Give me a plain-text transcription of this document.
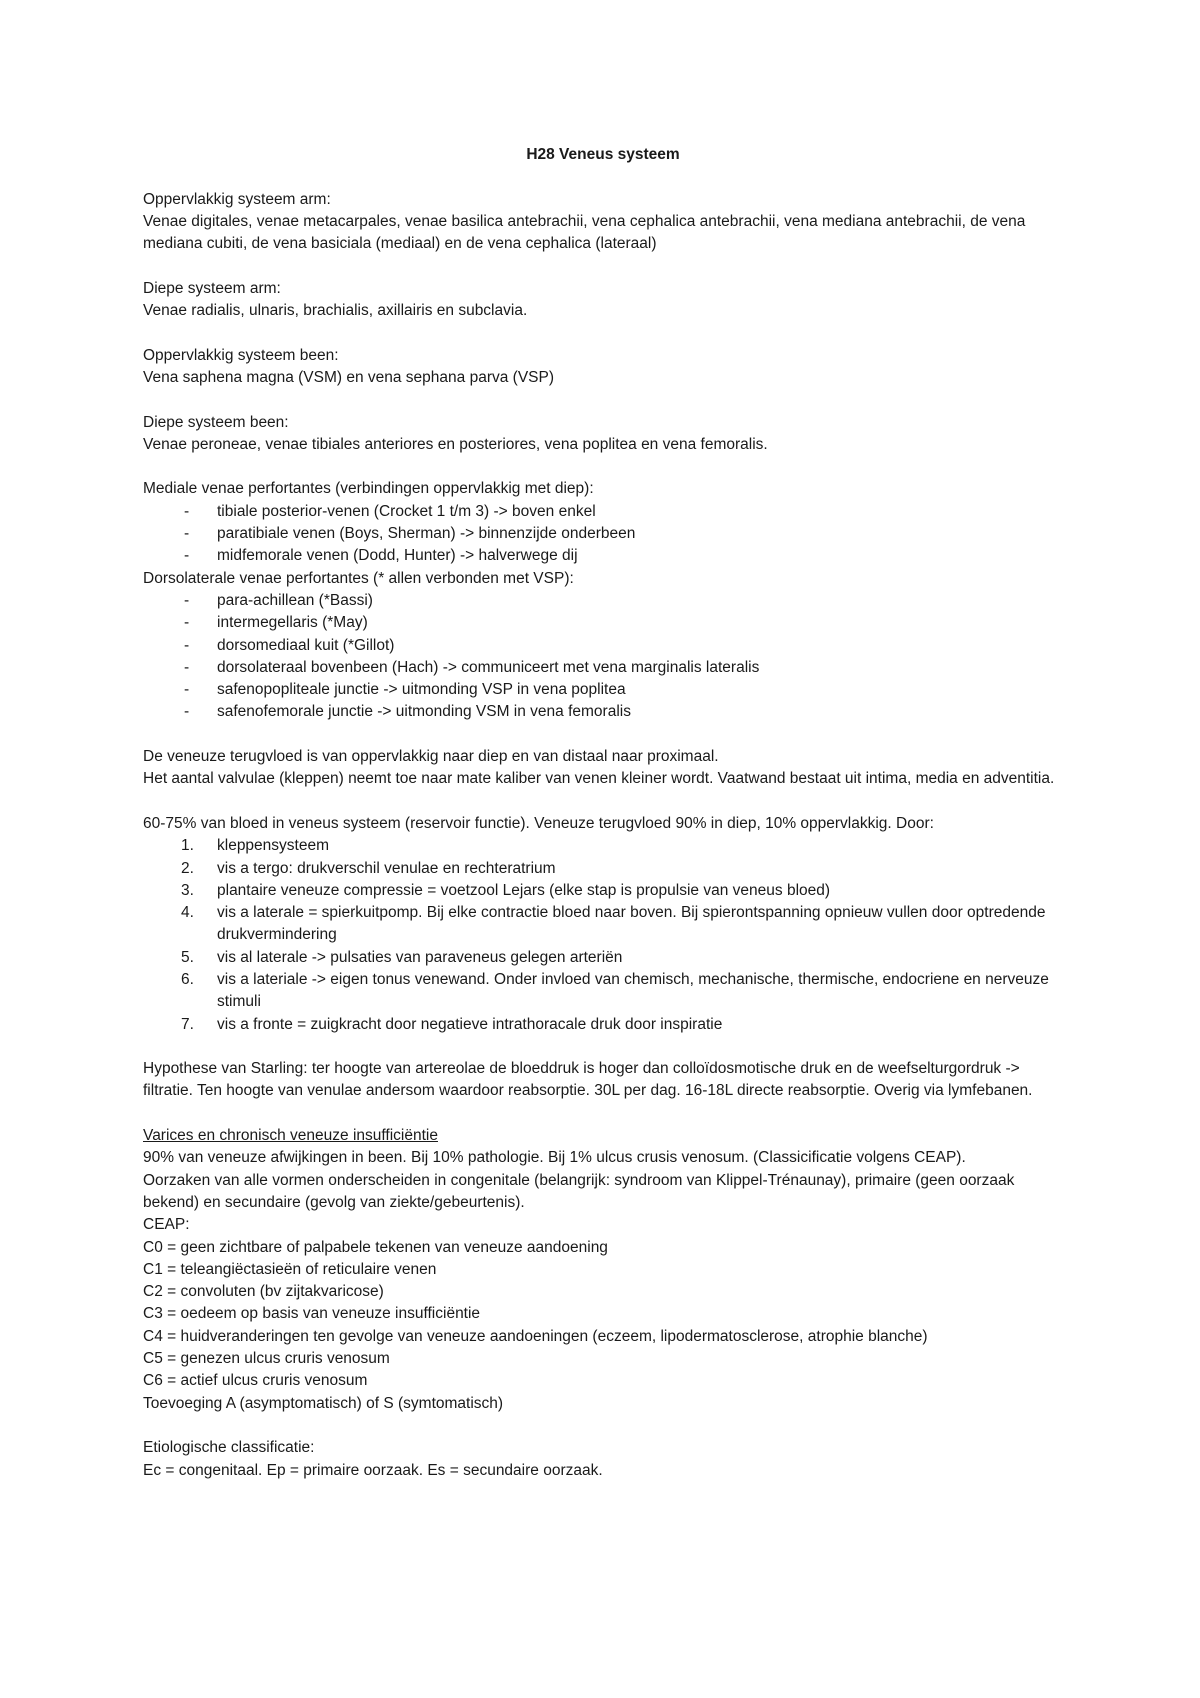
H28 Veneus systeem

Oppervlakkig systeem arm:

Venae digitales, venae metacarpales, venae basilica antebrachii, vena cephalica antebrachii, vena mediana antebrachii, de vena mediana cubiti, de vena basiciala (mediaal) en de vena cephalica (lateraal)

Diepe systeem arm:

Venae radialis, ulnaris, brachialis, axillairis en subclavia.

Oppervlakkig systeem been:

Vena saphena magna (VSM) en vena sephana parva (VSP)

Diepe systeem been:

Venae peroneae, venae tibiales anteriores en posteriores, vena poplitea en vena femoralis.

Mediale venae perfortantes (verbindingen oppervlakkig met diep):

- tibiale posterior-venen (Crocket 1 t/m 3) -> boven enkel
- paratibiale venen (Boys, Sherman) -> binnenzijde onderbeen
- midfemorale venen (Dodd, Hunter) -> halverwege dij

Dorsolaterale venae perfortantes (* allen verbonden met VSP):

- para-achillean (*Bassi)
- intermegellaris (*May)
- dorsomediaal kuit (*Gillot)
- dorsolateraal bovenbeen (Hach) -> communiceert met vena marginalis lateralis
- safenopopliteale junctie -> uitmonding VSP in vena poplitea
- safenofemorale junctie -> uitmonding VSM in vena femoralis

De veneuze terugvloed is van oppervlakkig naar diep en van distaal naar proximaal.

Het aantal valvulae (kleppen) neemt toe naar mate kaliber van venen kleiner wordt. Vaatwand bestaat uit intima, media en adventitia.

60-75% van bloed in veneus systeem (reservoir functie). Veneuze terugvloed 90% in diep, 10% oppervlakkig. Door:

1. kleppensysteem
2. vis a tergo: drukverschil venulae en rechteratrium
3. plantaire veneuze compressie = voetzool Lejars (elke stap is propulsie van veneus bloed)
4. vis a laterale = spierkuitpomp. Bij elke contractie bloed naar boven. Bij spierontspanning opnieuw vullen door optredende drukvermindering
5. vis al laterale -> pulsaties van paraveneus gelegen arteriën
6. vis a lateriale -> eigen tonus venewand. Onder invloed van chemisch, mechanische, thermische, endocriene en nerveuze stimuli
7. vis a fronte = zuigkracht door negatieve intrathoracale druk door inspiratie

Hypothese van Starling: ter hoogte van artereolae de bloeddruk is hoger dan colloïdosmotische druk en de weefselturgordruk -> filtratie. Ten hoogte van venulae andersom waardoor reabsorptie. 30L per dag. 16-18L directe reabsorptie. Overig via lymfebanen.

Varices en chronisch veneuze insufficiëntie

90% van veneuze afwijkingen in been. Bij 10% pathologie. Bij 1% ulcus crusis venosum. (Classicificatie volgens CEAP).

Oorzaken van alle vormen onderscheiden in congenitale (belangrijk: syndroom van Klippel-Trénaunay), primaire (geen oorzaak bekend) en secundaire (gevolg van ziekte/gebeurtenis).

CEAP:

C0 = geen zichtbare of palpabele tekenen van veneuze aandoening

C1 = teleangiëctasieën of reticulaire venen

C2 = convoluten (bv zijtakvaricose)

C3 = oedeem op basis van veneuze insufficiëntie

C4 = huidveranderingen ten gevolge van veneuze aandoeningen (eczeem, lipodermatosclerose, atrophie blanche)

C5 = genezen ulcus cruris venosum

C6 = actief ulcus cruris venosum

Toevoeging A (asymptomatisch) of S (symtomatisch)

Etiologische classificatie:

Ec = congenitaal. Ep = primaire oorzaak. Es = secundaire oorzaak.
